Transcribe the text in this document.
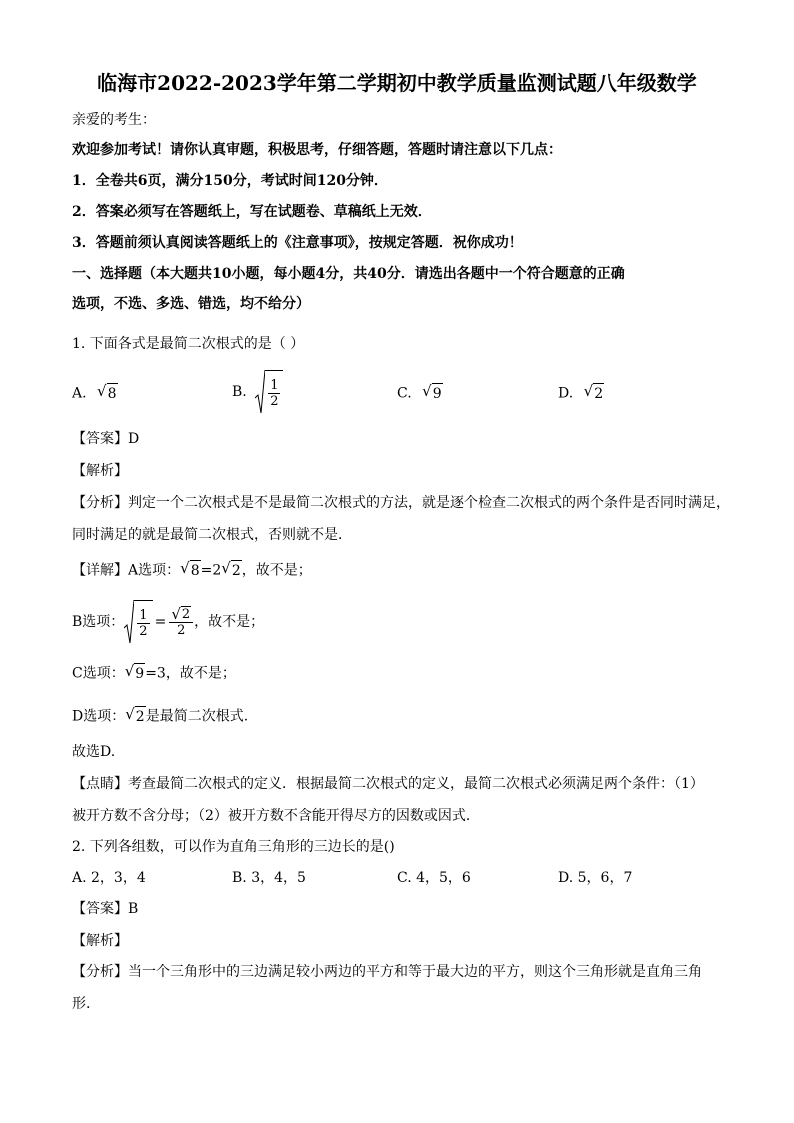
临海市2022-2023学年第二学期初中教学质量监测试题八年级数学
亲爱的考生：
欢迎参加考试！请你认真审题，积极思考，仔细答题，答题时请注意以下几点：
1．全卷共6页，满分150分，考试时间120分钟．
2．答案必须写在答题纸上，写在试题卷、草稿纸上无效．
3．答题前须认真阅读答题纸上的《注意事项》，按规定答题．祝你成功！
一、选择题（本大题共10小题，每小题4分，共40分．请选出各题中一个符合题意的正确
选项，不选、多选、错选，均不给分）
1. 下面各式是最简二次根式的是（ ）
A. √ 8	B. $\frac{1}{2}$	C. √ 9	D. √ 2
【答案】D
【解析】
【分析】判定一个二次根式是不是最简二次根式的方法，就是逐个检查二次根式的两个条件是否同时满足，
同时满足的就是最简二次根式，否则就不是．
【详解】A选项： √ 8 =2 √ 2 ，故不是；
B选项： $\frac{1}{2} = \frac{√ 2}{2}$ ，故不是；
C选项： √ 9 =3，故不是；
D选项： √ 2 是最简二次根式.
故选D.
【点睛】考查最简二次根式的定义．根据最简二次根式的定义，最简二次根式必须满足两个条件：（1）
被开方数不含分母；（2）被开方数不含能开得尽方的因数或因式．
2. 下列各组数，可以作为直角三角形的三边长的是()
A. 2，3，4	B. 3，4，5	C. 4，5，6	D. 5，6，7
【答案】B
【解析】
【分析】当一个三角形中的三边满足较小两边的平方和等于最大边的平方，则这个三角形就是直角三角
形.
